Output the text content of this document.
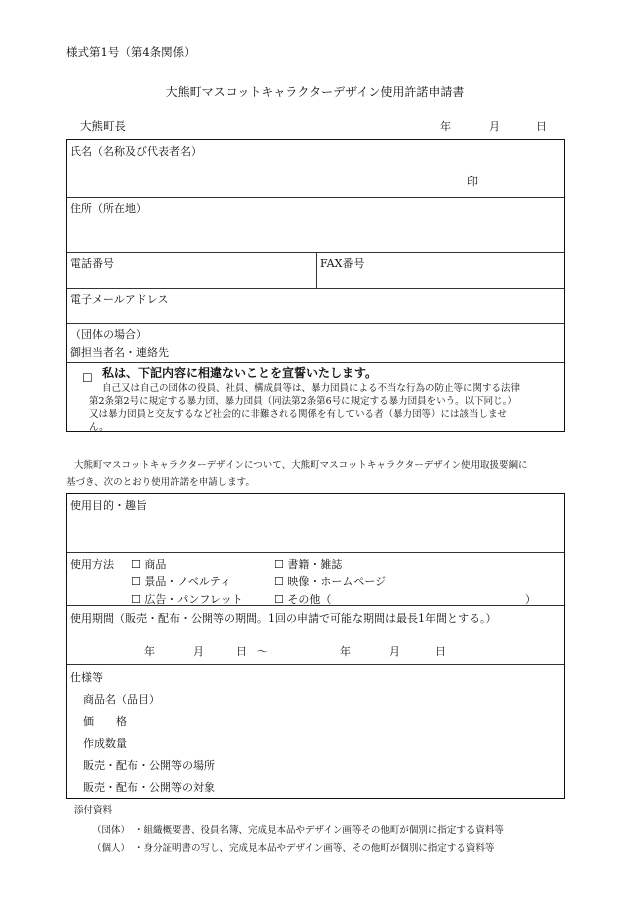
様式第1号（第4条関係）
大熊町マスコットキャラクターデザイン使用許諾申請書
大熊町長	年	月	日
氏名（名称及び代表者名）
印
住所（所在地）
電話番号	FAX番号
電子メールアドレス
（団体の場合）
御担当者名・連絡先
☐ 私は、下記内容に相違ないことを宣誓いたします。
自己又は自己の団体の役員、社員、構成員等は、暴力団員による不当な行為の防止等に関する法律
第2条第2号に規定する暴力団、暴力団員（同法第2条第6号に規定する暴力団員をいう。以下同じ。）
又は暴力団員と交友するなど社会的に非難される関係を有している者（暴力団等）には該当しませ
ん。
大熊町マスコットキャラクターデザインについて、大熊町マスコットキャラクターデザイン使用取扱要綱に
基づき、次のとおり使用許諾を申請します。
使用目的・趣旨
使用方法 ☐ 商品	☐ 書籍・雑誌
☐ 景品・ノベルティ	☐ 映像・ホームページ
☐ 広告・パンフレット	☐ その他（	）
使用期間（販売・配布・公開等の期間。1回の申請で可能な期間は最長1年間とする。）
年	月	日 ～	年	月	日
仕様等
商品名（品目）
価　　格
作成数量
販売・配布・公開等の場所
販売・配布・公開等の対象
添付資料
（団体） ・組織概要書、役員名簿、完成見本品やデザイン画等その他町が個別に指定する資料等
（個人） ・身分証明書の写し、完成見本品やデザイン画等、その他町が個別に指定する資料等
